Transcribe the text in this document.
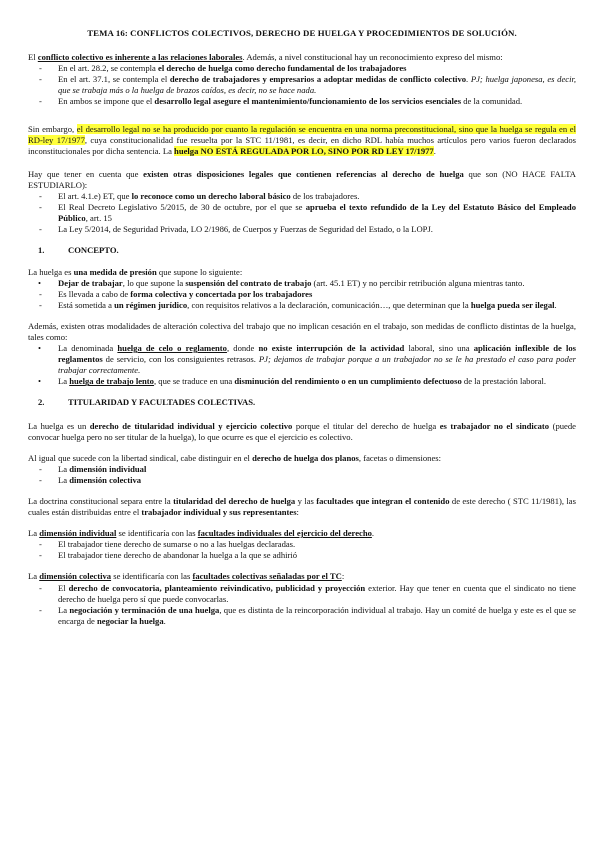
TEMA 16: CONFLICTOS COLECTIVOS, DERECHO DE HUELGA Y PROCEDIMIENTOS DE SOLUCIÓN.

El conflicto colectivo es inherente a las relaciones laborales. Además, a nivel constitucional hay un reconocimiento expreso del mismo:

- En el art. 28.2, se contempla el derecho de huelga como derecho fundamental de los trabajadores
- En el art. 37.1, se contempla el derecho de trabajadores y empresarios a adoptar medidas de conflicto colectivo. PJ; huelga japonesa, es decir, que se trabaja más o la huelga de brazos caídos, es decir, no se hace nada.
- En ambos se impone que el desarrollo legal asegure el mantenimiento/funcionamiento de los servicios esenciales de la comunidad.

Sin embargo, el desarrollo legal no se ha producido por cuanto la regulación se encuentra en una norma preconstitucional, sino que la huelga se regula en el RD-ley 17/1977, cuya constitucionalidad fue resuelta por la STC 11/1981, es decir, en dicho RDL había muchos artículos pero varios fueron declarados inconstitucionales por dicha sentencia. La huelga NO ESTÁ REGULADA POR LO, SINO POR RD LEY 17/1977.

Hay que tener en cuenta que existen otras disposiciones legales que contienen referencias al derecho de huelga que son (NO HACE FALTA ESTUDIARLO):

- El art. 4.1.e) ET, que lo reconoce como un derecho laboral básico de los trabajadores.
- El Real Decreto Legislativo 5/2015, de 30 de octubre, por el que se aprueba el texto refundido de la Ley del Estatuto Básico del Empleado Público, art. 15
- La Ley 5/2014, de Seguridad Privada, LO 2/1986, de Cuerpos y Fuerzas de Seguridad del Estado, o la LOPJ.

1.	CONCEPTO.

La huelga es una medida de presión que supone lo siguiente:

• Dejar de trabajar, lo que supone la suspensión del contrato de trabajo (art. 45.1 ET) y no percibir retribución alguna mientras tanto.
- Es llevada a cabo de forma colectiva y concertada por los trabajadores
- Está sometida a un régimen jurídico, con requisitos relativos a la declaración, comunicación…, que determinan que la huelga pueda ser ilegal.

Además, existen otras modalidades de alteración colectiva del trabajo que no implican cesación en el trabajo, son medidas de conflicto distintas de la huelga, tales como:

• La denominada huelga de celo o reglamento, donde no existe interrupción de la actividad laboral, sino una aplicación inflexible de los reglamentos de servicio, con los consiguientes retrasos. PJ; dejamos de trabajar porque a un trabajador no se le ha prestado el caso para poder trabajar correctamente.
• La huelga de trabajo lento, que se traduce en una disminución del rendimiento o en un cumplimiento defectuoso de la prestación laboral.

2.	TITULARIDAD Y FACULTADES COLECTIVAS.

La huelga es un derecho de titularidad individual y ejercicio colectivo porque el titular del derecho de huelga es trabajador no el sindicato (puede convocar huelga pero no ser titular de la huelga), lo que ocurre es que el ejercicio es colectivo.

Al igual que sucede con la libertad sindical, cabe distinguir en el derecho de huelga dos planos, facetas o dimensiones:

- La dimensión individual
- La dimensión colectiva

La doctrina constitucional separa entre la titularidad del derecho de huelga y las facultades que integran el contenido de este derecho ( STC 11/1981), las cuales están distribuidas entre el trabajador individual y sus representantes:

La dimensión individual se identificaría con las facultades individuales del ejercicio del derecho.

- El trabajador tiene derecho de sumarse o no a las huelgas declaradas.
- El trabajador tiene derecho de abandonar la huelga a la que se adhirió

La dimensión colectiva se identificaría con las facultades colectivas señaladas por el TC:

- El derecho de convocatoria, planteamiento reivindicativo, publicidad y proyección exterior. Hay que tener en cuenta que el sindicato no tiene derecho de huelga pero sí que puede convocarlas.
- La negociación y terminación de una huelga, que es distinta de la reincorporación individual al trabajo. Hay un comité de huelga y este es el que se encarga de negociar la huelga.
